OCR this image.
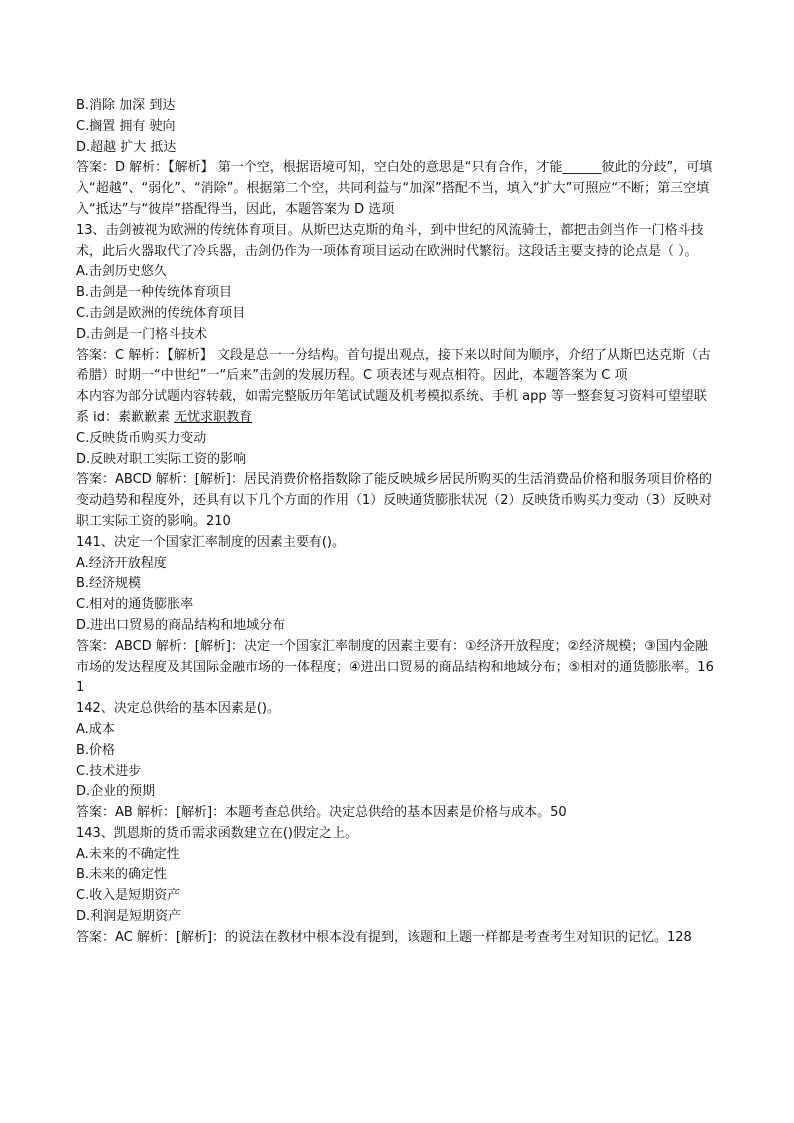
B.消除 加深 到达
C.搁置 拥有 驶向
D.超越 扩大 抵达
答案：D 解析：【解析】 第一个空，根据语境可知，空白处的意思是“只有合作，才能______彼此的分歧”，可填入“超越”、“弱化”、“消除”。根据第二个空，共同利益与“加深”搭配不当，填入“扩大”可照应“不断；第三空填入“抵达”与“彼岸”搭配得当，因此，本题答案为 D 选项
13、击剑被视为欧洲的传统体育项目。从斯巴达克斯的角斗，到中世纪的风流骑士，都把击剑当作一门格斗技术，此后火器取代了冷兵器，击剑仍作为一项体育项目运动在欧洲时代繁衍。这段话主要支持的论点是（ ）。
A.击剑历史悠久
B.击剑是一种传统体育项目
C.击剑是欧洲的传统体育项目
D.击剑是一门格斗技术
答案：C 解析：【解析】 文段是总一一分结构。首句提出观点，接下来以时间为顺序，介绍了从斯巴达克斯（古希腊）时期一“中世纪”一“后来”击剑的发展历程。C 项表述与观点相符。因此，本题答案为 C 项
本内容为部分试题内容转载，如需完整版历年笔试试题及机考模拟系统、手机 app 等一整套复习资料可望望联系 id：素歉歉素 无忧求职教育
C.反映货币购买力变动
D.反映对职工实际工资的影响
答案：ABCD 解析：[解析]：居民消费价格指数除了能反映城乡居民所购买的生活消费品价格和服务项目价格的变动趋势和程度外，还具有以下几个方面的作用（1）反映通货膨胀状况（2）反映货币购买力变动（3）反映对职工实际工资的影响。210
141、决定一个国家汇率制度的因素主要有()。
A.经济开放程度
B.经济规模
C.相对的通货膨胀率
D.进出口贸易的商品结构和地域分布
答案：ABCD 解析：[解析]：决定一个国家汇率制度的因素主要有：①经济开放程度；②经济规模；③国内金融市场的发达程度及其国际金融市场的一体程度；④进出口贸易的商品结构和地域分布；⑤相对的通货膨胀率。161
142、决定总供给的基本因素是()。
A.成本
B.价格
C.技术进步
D.企业的预期
答案：AB 解析：[解析]：本题考查总供给。决定总供给的基本因素是价格与成本。50
143、凯恩斯的货币需求函数建立在()假定之上。
A.未来的不确定性
B.未来的确定性
C.收入是短期资产
D.利润是短期资产
答案：AC 解析：[解析]：的说法在教材中根本没有提到，该题和上题一样都是考查考生对知识的记忆。128
